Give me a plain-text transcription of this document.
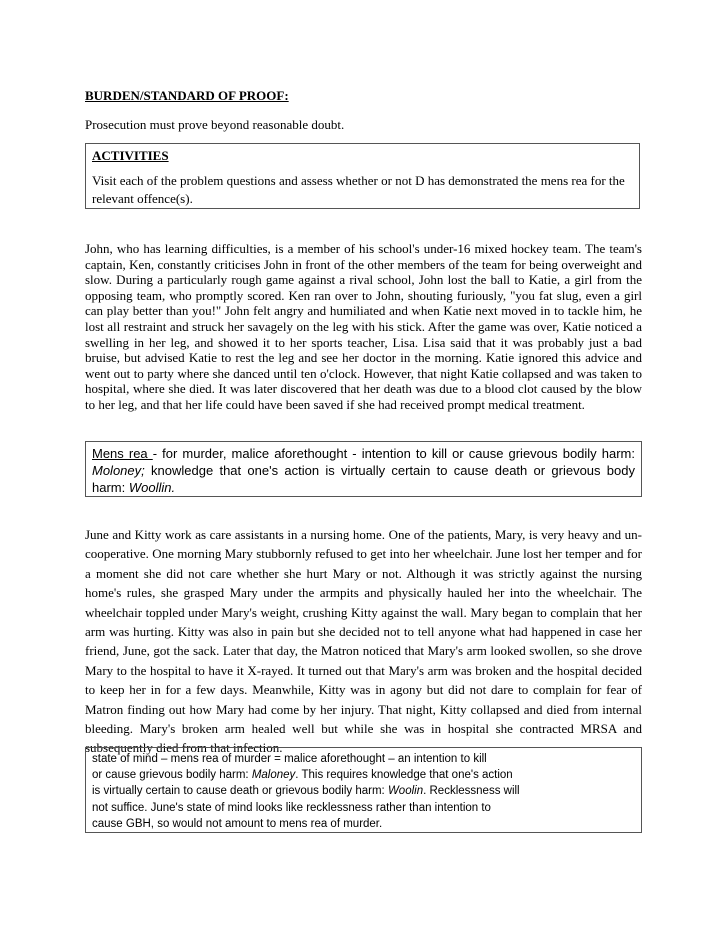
BURDEN/STANDARD OF PROOF:
Prosecution must prove beyond reasonable doubt.
ACTIVITIES
Visit each of the problem questions and assess whether or not D has demonstrated the mens rea for the relevant offence(s).
John, who has learning difficulties, is a member of his school's under-16 mixed hockey team. The team's captain, Ken, constantly criticises John in front of the other members of the team for being overweight and slow. During a particularly rough game against a rival school, John lost the ball to Katie, a girl from the opposing team, who promptly scored. Ken ran over to John, shouting furiously, "you fat slug, even a girl can play better than you!" John felt angry and humiliated and when Katie next moved in to tackle him, he lost all restraint and struck her savagely on the leg with his stick. After the game was over, Katie noticed a swelling in her leg, and showed it to her sports teacher, Lisa. Lisa said that it was probably just a bad bruise, but advised Katie to rest the leg and see her doctor in the morning. Katie ignored this advice and went out to party where she danced until ten o'clock. However, that night Katie collapsed and was taken to hospital, where she died. It was later discovered that her death was due to a blood clot caused by the blow to her leg, and that her life could have been saved if she had received prompt medical treatment.
Mens rea - for murder, malice aforethought - intention to kill or cause grievous bodily harm: Moloney; knowledge that one's action is virtually certain to cause death or grievous body harm: Woollin.
June and Kitty work as care assistants in a nursing home. One of the patients, Mary, is very heavy and un-cooperative. One morning Mary stubbornly refused to get into her wheelchair. June lost her temper and for a moment she did not care whether she hurt Mary or not. Although it was strictly against the nursing home's rules, she grasped Mary under the armpits and physically hauled her into the wheelchair. The wheelchair toppled under Mary's weight, crushing Kitty against the wall. Mary began to complain that her arm was hurting. Kitty was also in pain but she decided not to tell anyone what had happened in case her friend, June, got the sack. Later that day, the Matron noticed that Mary's arm looked swollen, so she drove Mary to the hospital to have it X-rayed. It turned out that Mary's arm was broken and the hospital decided to keep her in for a few days. Meanwhile, Kitty was in agony but did not dare to complain for fear of Matron finding out how Mary had come by her injury. That night, Kitty collapsed and died from internal bleeding. Mary's broken arm healed well but while she was in hospital she contracted MRSA and subsequently died from that infection.
state of mind – mens rea of murder = malice aforethought – an intention to kill
or cause grievous bodily harm: Maloney. This requires knowledge that one's action
is virtually certain to cause death or grievous bodily harm: Woolin. Recklessness will
not suffice. June's state of mind looks like recklessness rather than intention to
cause GBH, so would not amount to mens rea of murder.
